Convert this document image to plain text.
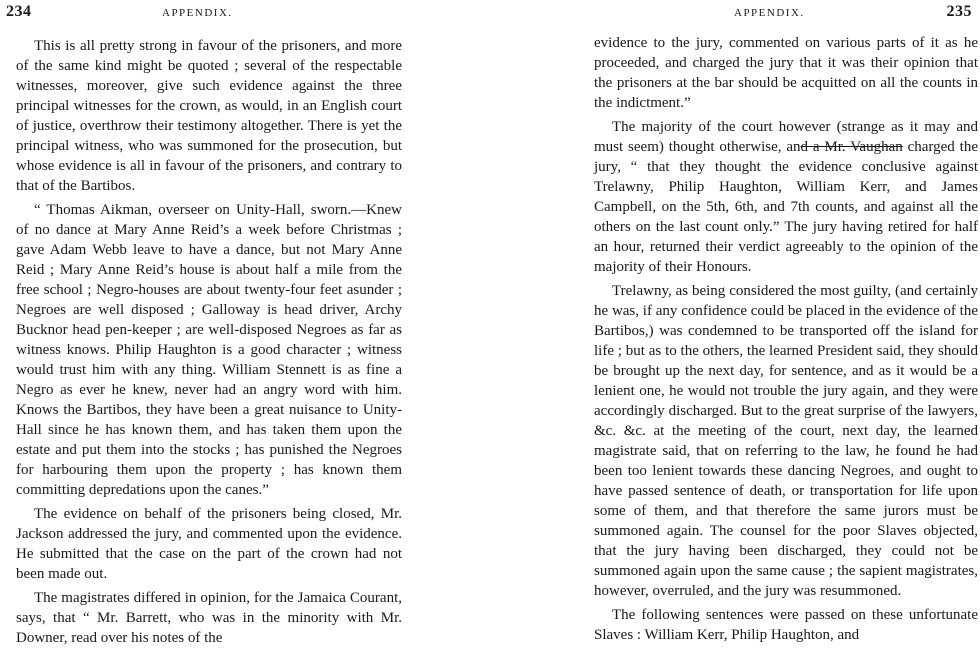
234	APPENDIX.

This is all pretty strong in favour of the prisoners, and more of the same kind might be quoted ; several of the respectable witnesses, moreover, give such evidence against the three principal witnesses for the crown, as would, in an English court of justice, overthrow their testimony altogether. There is yet the principal witness, who was summoned for the prosecution, but whose evidence is all in favour of the prisoners, and contrary to that of the Bartibos.

“ Thomas Aikman, overseer on Unity-Hall, sworn.—Knew of no dance at Mary Anne Reid’s a week before Christmas ; gave Adam Webb leave to have a dance, but not Mary Anne Reid ; Mary Anne Reid’s house is about half a mile from the free school ; Negro-houses are about twenty-four feet asunder ; Negroes are well disposed ; Galloway is head driver, Archy Bucknor head pen-keeper ; are well-disposed Negroes as far as witness knows. Philip Haughton is a good character ; witness would trust him with any thing. William Stennett is as fine a Negro as ever he knew, never had an angry word with him. Knows the Bartibos, they have been a great nuisance to Unity-Hall since he has known them, and has taken them upon the estate and put them into the stocks ; has punished the Negroes for harbouring them upon the property ; has known them committing depredations upon the canes.”

The evidence on behalf of the prisoners being closed, Mr. Jackson addressed the jury, and commented upon the evidence. He submitted that the case on the part of the crown had not been made out.

The magistrates differed in opinion, for the Jamaica Courant, says, that “ Mr. Barrett, who was in the minority with Mr. Downer, read over his notes of the

APPENDIX.	235

evidence to the jury, commented on various parts of it as he proceeded, and charged the jury that it was their opinion that the prisoners at the bar should be acquitted on all the counts in the indictment.”

The majority of the court however (strange as it may and must seem) thought otherwise, and a Mr. Vaughan charged the jury, “ that they thought the evidence conclusive against Trelawny, Philip Haughton, William Kerr, and James Campbell, on the 5th, 6th, and 7th counts, and against all the others on the last count only.” The jury having retired for half an hour, returned their verdict agreeably to the opinion of the majority of their Honours.

Trelawny, as being considered the most guilty, (and certainly he was, if any confidence could be placed in the evidence of the Bartibos,) was condemned to be transported off the island for life ; but as to the others, the learned President said, they should be brought up the next day, for sentence, and as it would be a lenient one, he would not trouble the jury again, and they were accordingly discharged. But to the great surprise of the lawyers, &c. &c. at the meeting of the court, next day, the learned magistrate said, that on referring to the law, he found he had been too lenient towards these dancing Negroes, and ought to have passed sentence of death, or transportation for life upon some of them, and that therefore the same jurors must be summoned again. The counsel for the poor Slaves objected, that the jury having been discharged, they could not be summoned again upon the same cause ; the sapient magistrates, however, overruled, and the jury was resummoned.

The following sentences were passed on these unfortunate Slaves : William Kerr, Philip Haughton, and
